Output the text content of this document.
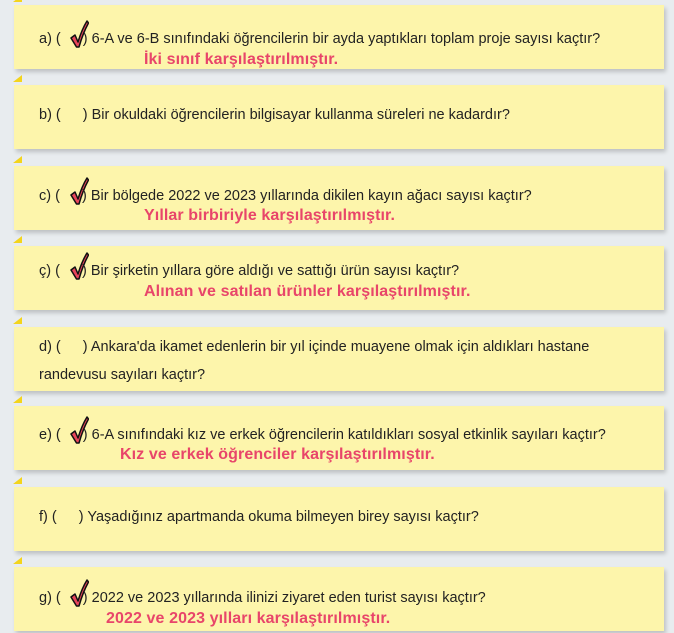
a) ( ) 6-A ve 6-B sınıfındaki öğrencilerin bir ayda yaptıkları toplam proje sayısı kaçtır?
İki sınıf karşılaştırılmıştır.
b) ( ) Bir okuldaki öğrencilerin bilgisayar kullanma süreleri ne kadardır?
c) ( ) Bir bölgede 2022 ve 2023 yıllarında dikilen kayın ağacı sayısı kaçtır?
Yıllar birbiriyle karşılaştırılmıştır.
ç) ( ) Bir şirketin yıllara göre aldığı ve sattığı ürün sayısı kaçtır?
Alınan ve satılan ürünler karşılaştırılmıştır.
d) ( ) Ankara'da ikamet edenlerin bir yıl içinde muayene olmak için aldıkları hastane randevusu sayıları kaçtır?
e) ( ) 6-A sınıfındaki kız ve erkek öğrencilerin katıldıkları sosyal etkinlik sayıları kaçtır?
Kız ve erkek öğrenciler karşılaştırılmıştır.
f) ( ) Yaşadığınız apartmanda okuma bilmeyen birey sayısı kaçtır?
g) ( ) 2022 ve 2023 yıllarında ilinizi ziyaret eden turist sayısı kaçtır?
2022 ve 2023 yılları karşılaştırılmıştır.
